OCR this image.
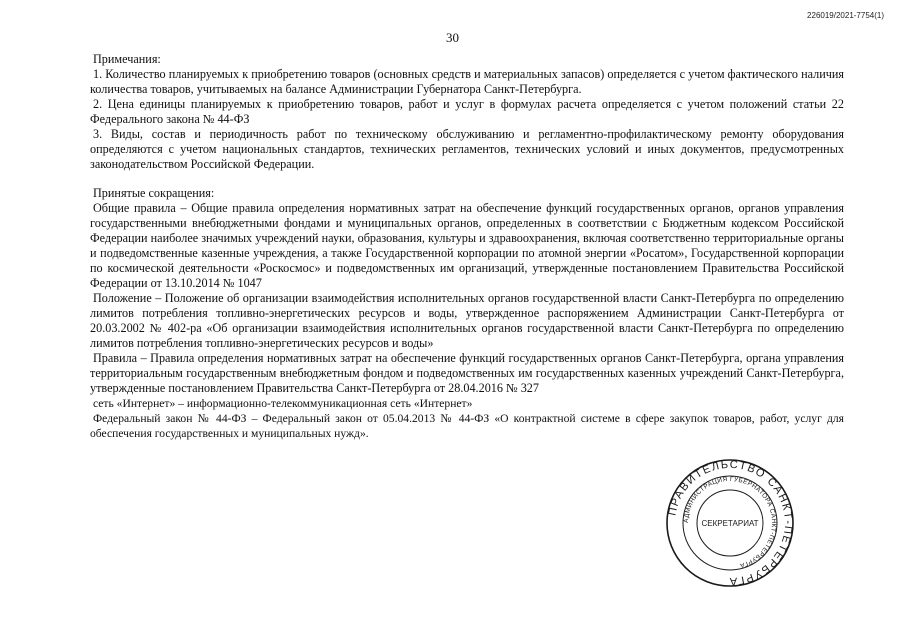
226019/2021-7754(1)
30
Примечания:

1. Количество планируемых к приобретению товаров (основных средств и материальных запасов) определяется с учетом фактического наличия количества товаров, учитываемых на балансе Администрации Губернатора Санкт-Петербурга.

2. Цена единицы планируемых к приобретению товаров, работ и услуг в формулах расчета определяется с учетом положений статьи 22 Федерального закона № 44-ФЗ

3. Виды, состав и периодичность работ по техническому обслуживанию и регламентно-профилактическому ремонту оборудования определяются с учетом национальных стандартов, технических регламентов, технических условий и иных документов, предусмотренных законодательством Российской Федерации.

Принятые сокращения:

Общие правила – Общие правила определения нормативных затрат на обеспечение функций государственных органов, органов управления государственными внебюджетными фондами и муниципальных органов, определенных в соответствии с Бюджетным кодексом Российской Федерации наиболее значимых учреждений науки, образования, культуры и здравоохранения, включая соответственно территориальные органы и подведомственные казенные учреждения, а также Государственной корпорации по атомной энергии «Росатом», Государственной корпорации по космической деятельности «Роскосмос» и подведомственных им организаций, утвержденные постановлением Правительства Российской Федерации от 13.10.2014 № 1047

Положение – Положение об организации взаимодействия исполнительных органов государственной власти Санкт-Петербурга по определению лимитов потребления топливно-энергетических ресурсов и воды, утвержденное распоряжением Администрации Санкт-Петербурга от 20.03.2002 № 402-ра «Об организации взаимодействия исполнительных органов государственной власти Санкт-Петербурга по определению лимитов потребления топливно-энергетических ресурсов и воды»

Правила – Правила определения нормативных затрат на обеспечение функций государственных органов Санкт-Петербурга, органа управления территориальным государственным внебюджетным фондом и подведомственных им государственных казенных учреждений Санкт-Петербурга, утвержденные постановлением Правительства Санкт-Петербурга от 28.04.2016 № 327

сеть «Интернет» – информационно-телекоммуникационная сеть «Интернет»

Федеральный закон № 44-ФЗ – Федеральный закон от 05.04.2013 № 44-ФЗ «О контрактной системе в сфере закупок товаров, работ, услуг для обеспечения государственных и муниципальных нужд».

ПРАВИТЕЛЬСТВО САНКТ-ПЕТЕРБУРГА
АДМИНИСТРАЦИЯ ГУБЕРНАТОРА САНКТ-ПЕТЕРБУРГА
СЕКРЕТАРИАТ
